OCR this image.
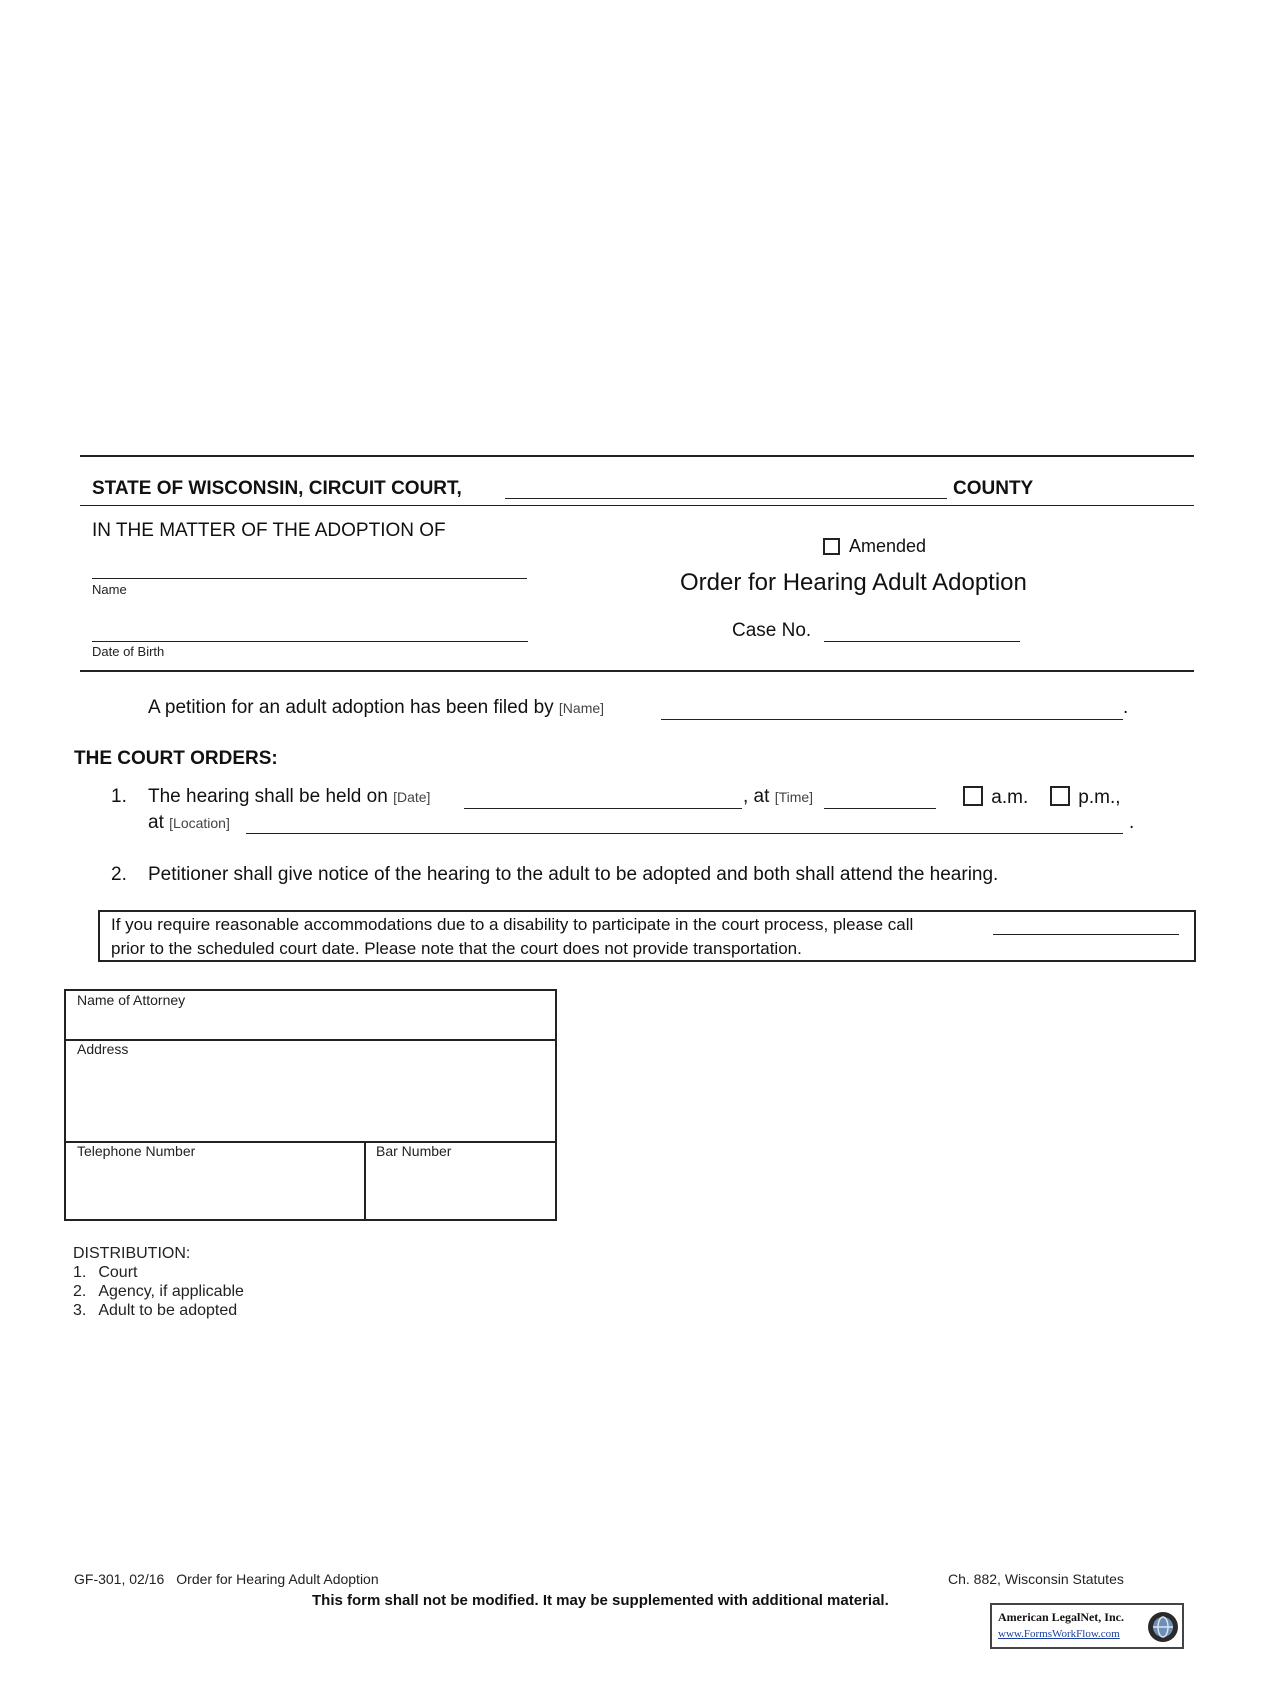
STATE OF WISCONSIN, CIRCUIT COURT,	COUNTY
IN THE MATTER OF THE ADOPTION OF
Name
Date of Birth
Amended
Order for Hearing Adult Adoption
Case No.
A petition for an adult adoption has been filed by [Name]	.
THE COURT ORDERS:
1. The hearing shall be held on [Date]	, at [Time]	a.m.	p.m.,
at [Location]	.
2. Petitioner shall give notice of the hearing to the adult to be adopted and both shall attend the hearing.
If you require reasonable accommodations due to a disability to participate in the court process, please call
prior to the scheduled court date. Please note that the court does not provide transportation.
Name of Attorney
Address
Telephone Number	Bar Number
DISTRIBUTION:
1. Court
2. Agency, if applicable
3. Adult to be adopted
GF-301, 02/16 Order for Hearing Adult Adoption	Ch. 882, Wisconsin Statutes
This form shall not be modified. It may be supplemented with additional material.
American LegalNet, Inc.
www.FormsWorkFlow.com
